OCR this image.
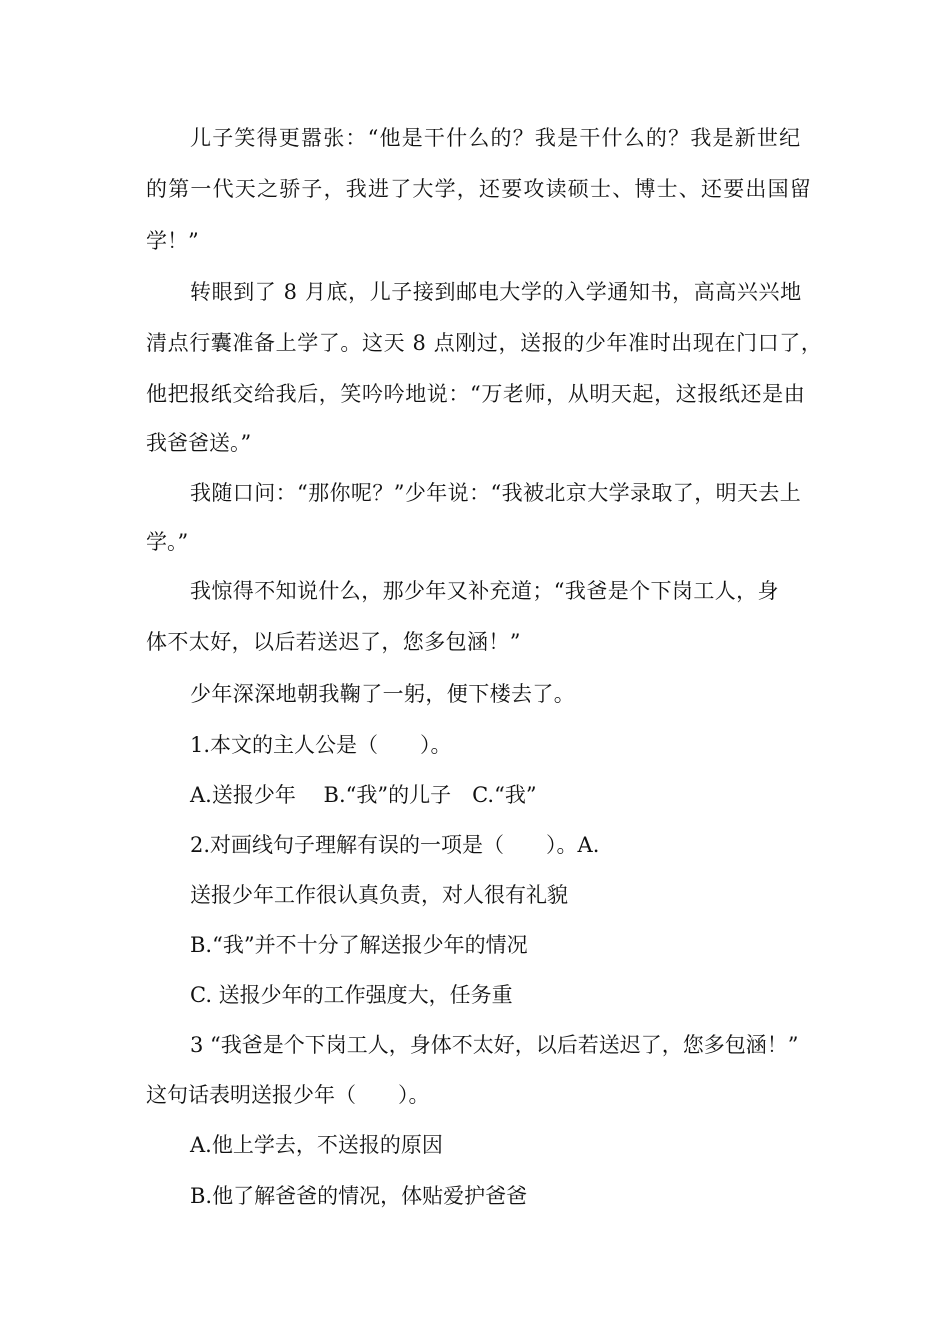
儿子笑得更嚣张：“他是干什么的？我是干什么的？我是新世纪

的第一代天之骄子，我进了大学，还要攻读硕士、博士、还要出国留

学！”

转眼到了 8 月底，儿子接到邮电大学的入学通知书，高高兴兴地

清点行囊准备上学了。这天 8 点刚过，送报的少年准时出现在门口了，

他把报纸交给我后，笑吟吟地说：“万老师，从明天起，这报纸还是由

我爸爸送。”

我随口问：“那你呢？”少年说：“我被北京大学录取了，明天去上

学。”

我惊得不知说什么，那少年又补充道；“我爸是个下岗工人，身

体不太好，以后若送迟了，您多包涵！”

少年深深地朝我鞠了一躬，便下楼去了。

1.本文的主人公是（　　）。

A.送报少年　 B.“我”的儿子　C.“我”

2.对画线句子理解有误的一项是（　　）。A.

送报少年工作很认真负责，对人很有礼貌

B.“我”并不十分了解送报少年的情况

C. 送报少年的工作强度大，任务重

3 “我爸是个下岗工人，身体不太好，以后若送迟了，您多包涵！”

这句话表明送报少年（　　）。

A.他上学去，不送报的原因

B.他了解爸爸的情况，体贴爱护爸爸
